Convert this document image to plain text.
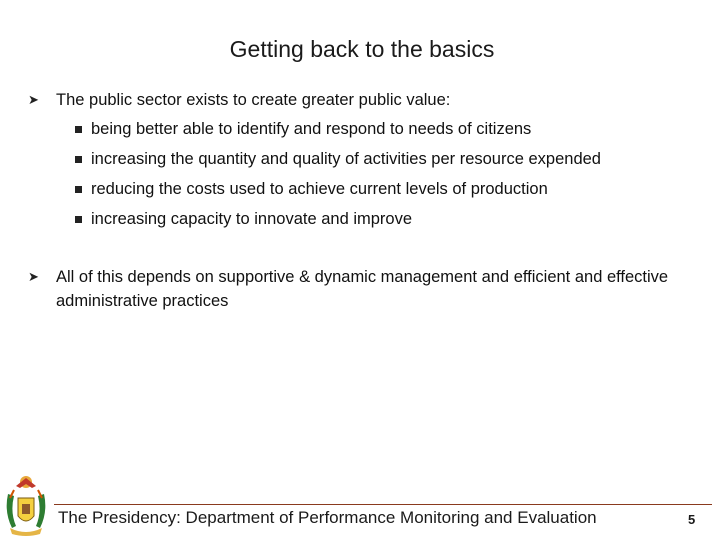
Getting back to the basics
➤	The public sector exists to create greater public value:
being better able to identify and respond to needs of citizens
increasing the quantity and quality of activities per resource expended
reducing the costs used to achieve current levels of production
increasing capacity to innovate and improve
➤	All of this depends on supportive & dynamic management and efficient and effective administrative practices
The Presidency: Department of Performance Monitoring and Evaluation	5
